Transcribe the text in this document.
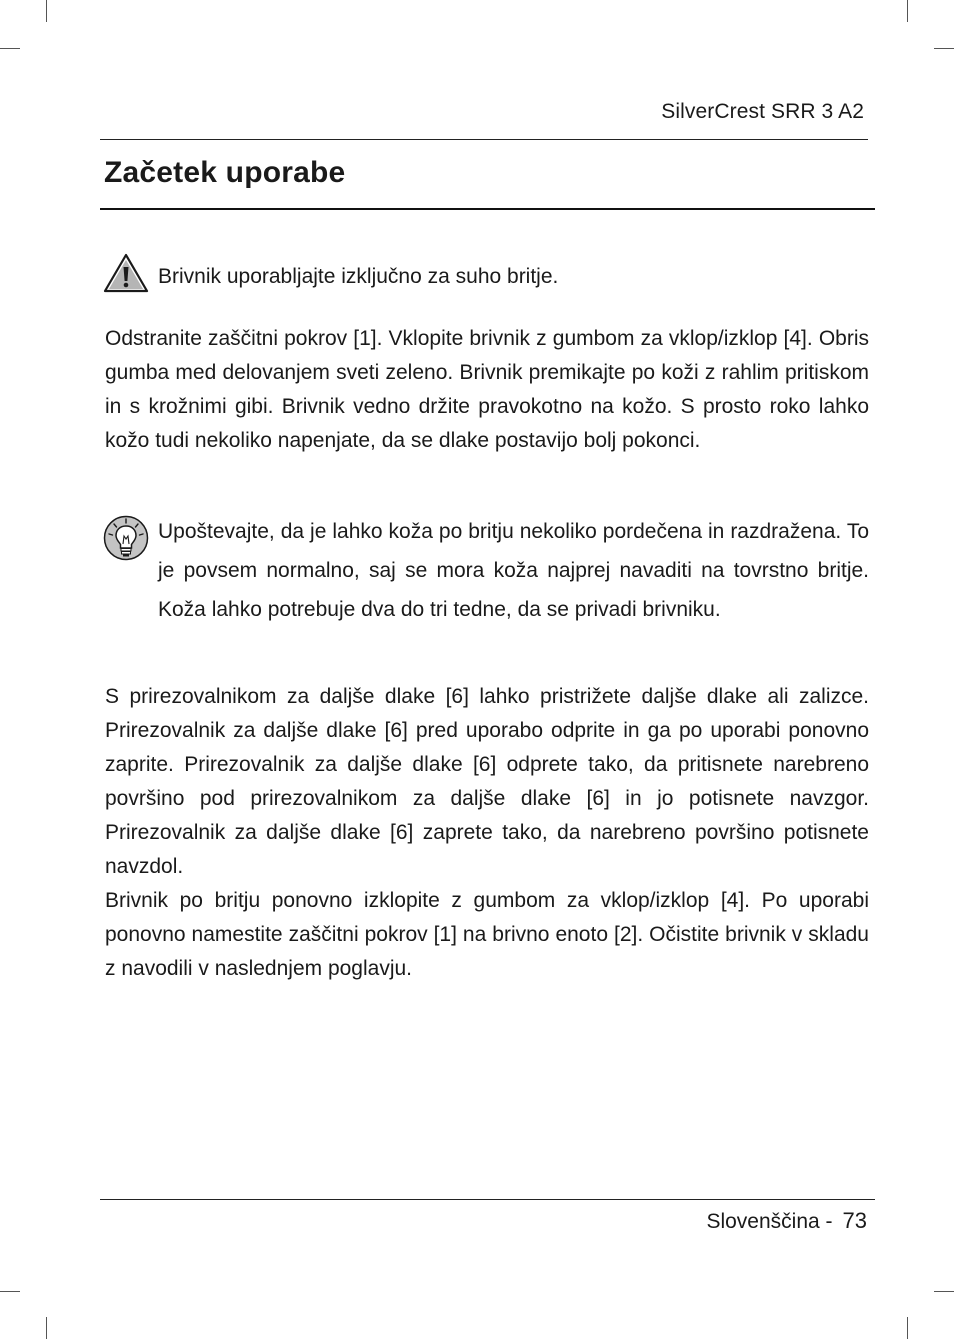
SilverCrest SRR 3 A2
Začetek uporabe
Brivnik uporabljajte izključno za suho britje.

Odstranite zaščitni pokrov [1]. Vklopite brivnik z gumbom za vklop/izklop [4]. Obris gumba med delovanjem sveti zeleno. Brivnik premikajte po koži z rahlim pritiskom in s krožnimi gibi. Brivnik vedno držite pravokotno na kožo. S prosto roko lahko kožo tudi nekoliko napenjate, da se dlake postavijo bolj pokonci.

Upoštevajte, da je lahko koža po britju nekoliko pordečena in razdražena. To je povsem normalno, saj se mora koža najprej navaditi na tovrstno britje. Koža lahko potrebuje dva do tri tedne, da se privadi brivniku.

S prirezovalnikom za daljše dlake [6] lahko pristrižete daljše dlake ali zalizce. Prirezovalnik za daljše dlake [6] pred uporabo odprite in ga po uporabi ponovno zaprite. Prirezovalnik za daljše dlake [6] odprete tako, da pritisnete narebreno površino pod prirezovalnikom za daljše dlake [6] in jo potisnete navzgor. Prirezovalnik za daljše dlake [6] zaprete tako, da narebreno površino potisnete navzdol.

Brivnik po britju ponovno izklopite z gumbom za vklop/izklop [4]. Po uporabi ponovno namestite zaščitni pokrov [1] na brivno enoto [2]. Očistite brivnik v skladu z navodili v naslednjem poglavju.

Slovenščina - 73
